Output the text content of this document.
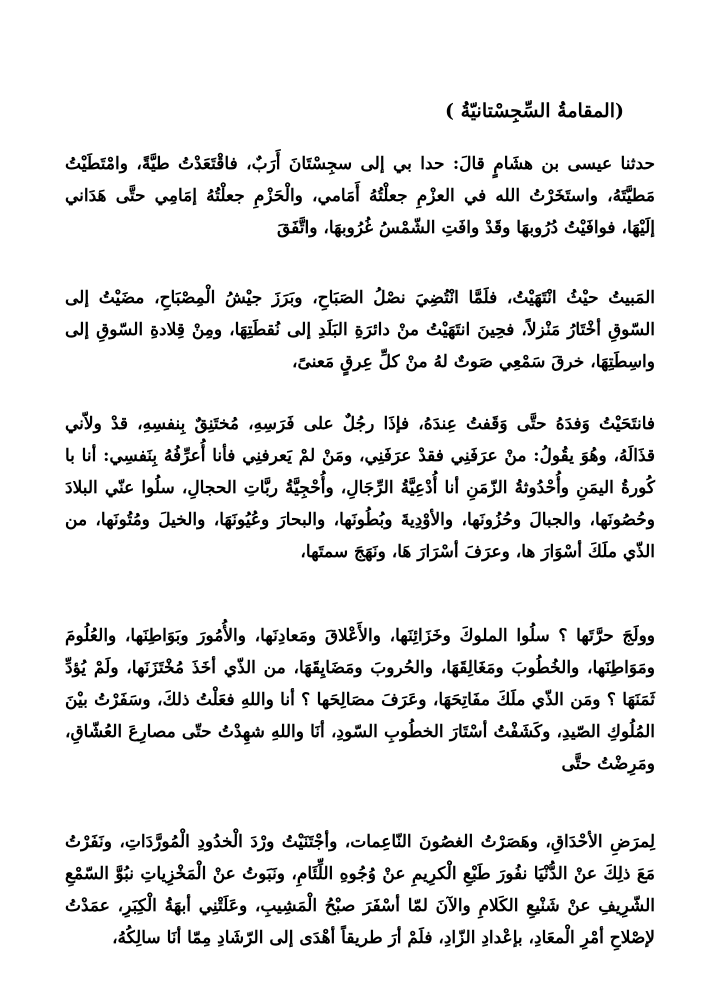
(المقامةُ السِّجِسْتانيّةُ )

حدثنا عيسى بن هشَامٍ قالَ: حدا بي إلى سجِسْتَانَ أَرَبٌ، فاقْتَعَدْتُ طيَّةً، وامْتَطَيْتُ مَطيَّتَهُ، واستَخَرْتُ الله في العزْمِ جعلْتُهُ أَمَامي، والْحَزْمِ جعلْتُهُ إمَامِي حتَّى هَدَاني إلَيْهَا، فوافَيْتُ دُرُوبهَا وقَدْ وافَتِ الشّمْسُ غُرُوبهَا، واتَّفَقَ

المَبيتُ حيْثُ انْتَهَيْتُ، فلَمَّا انْتُضِيَ نصْلُ الصَبَاحِ، وبَرَزَ جيْشُ الْمِصْبَاحِ، مضَيْتُ إلى السّوقِ أخْتَارُ مَنْزلاً، فحِينَ انتَهَيْتُ منْ دائرَةِ البَلَدِ إلى نُقطَتِهَا، ومِنْ قِلادةِ السّوقِ إلى واسِطَتِهَا، خرقَ سَمْعِي صَوتٌ لهُ منْ كلِّ عِرقٍ مَعنىً،

فانتَحَيْتُ وَفدَهُ حتَّى وَقَفتُ عِندَهُ، فإذَا رجُلٌ على فَرَسِهِ، مُختَنِقٌ بِنفسِهِ، قدْ ولاّني قذَالَهُ، وهُوَ يقُولُ: منْ عرَفَنِي فقدْ عرَفَنِي، ومَنْ لمْ يَعرفنِي فأنا أُعرِّفُهُ بِنَفسِي: أنا با كُورةُ اليمَنِ وأُحْدُوثةُ الزّمَنِ أنا أُدْعِيَّةُ الرِّجَالِ، وأُحْجِيَّةُ ربَّاتِ الحجالِ، سلُوا عنّي البلادَ وحُصُونَها، والجبالَ وحُزُونَها، والأوْدِيةَ وبُطُونَها، والبحارَ وعُيُونَهَا، والخيلَ ومُتُونَها، من الذّي ملَكَ أسْوَارَ ها، وعرَفَ أسْرَارَ هَا، ونَهَجَ سمتَها،

وولَجَ حرَّتَها ؟ سلُوا الملوكَ وخَزَائِنَها، والأَعْلاقَ ومَعادِنَها، والأُمُورَ وبَوَاطِنَها، والعُلُومَ ومَوَاطِنَها، والخُطُوبَ ومَغَالِقَهَا، والحُروبَ ومَضَايِقَهَا، من الذّي أخَذَ مُخْتَزَنَها، ولَمْ يُؤدِّ ثَمَنَهَا ؟ ومَن الذّي ملَكَ مفَاتِحَهَا، وعَرَفَ مصَالِحَها ؟ أنا واللهِ فعَلْتُ ذلكَ، وسَفَرْتُ بيْنَ المُلُوكِ الصّيدِ، وكَشَفْتُ أسْتَارَ الخطُوبِ السّودِ، أنَا واللهِ شهِدْتُ حتّى مصارِعَ العُشّاقِ، ومَرِضْتُ حتَّى

لِمرَضِ الأحْدَاقِ، وهَصَرْتُ الغصُونَ النّاعِمات، وأجْتَنَيْتُ ورْدَ الْخدُودِ الْمُورَّدَاتِ، ونَفَرْتُ مَعَ ذلِكَ عنْ الدُّنْيَا نفُورَ طَبْعِ الْكرِيمِ عنْ وُجُوهِ اللِّئَامِ، ونَبَوتُ عنْ الْمَخْزِياتِ نبُوَّ السّمْعِ الشّرِيفِ عنْ شَنْيعِ الكَلامِ والآنَ لمّا أسْفَرَ صبْحُ الْمَشِيبِ، وعَلَتْنِي أبهَةُ الْكِبَرِ، عمَدْتُ لإصْلاحِ أمْرِ الْمعَادِ، بإعْدادِ الزّادِ، فلَمْ أرَ طريقاً أهْدَى إلى الرّشَادِ مِمّا أنَا سالِكُهُ،
